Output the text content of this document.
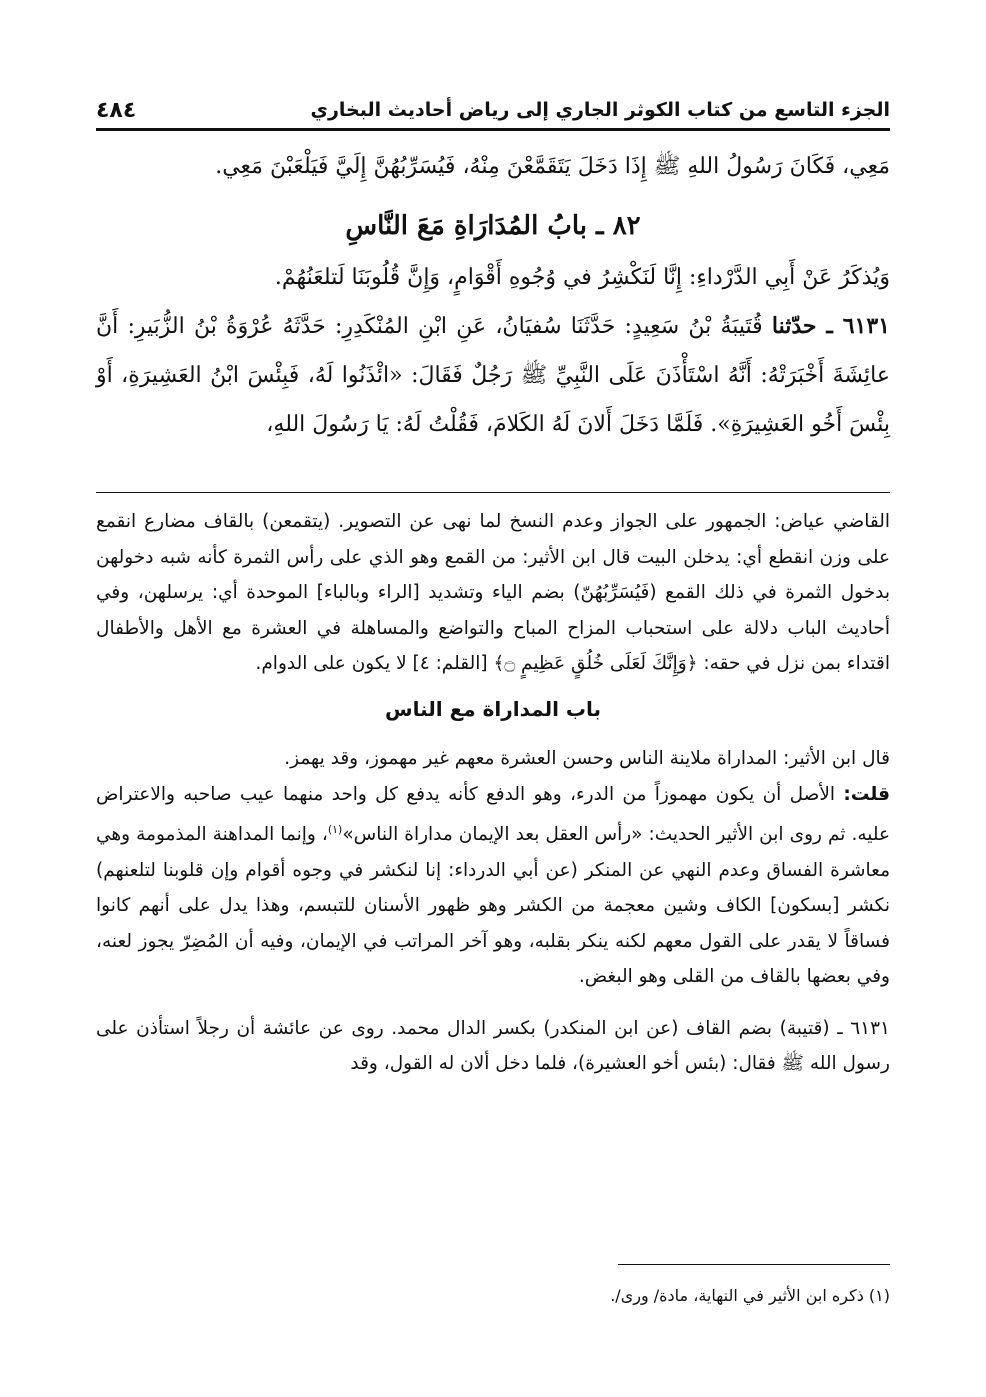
الجزء التاسع من كتاب الكوثر الجاري إلى رياض أحاديث البخاري
٤٨٤

مَعِي، فَكَانَ رَسُولُ اللهِ ﷺ إِذَا دَخَلَ يَتَقَمَّعْنَ مِنْهُ، فَيُسَرِّبُهُنَّ إِلَيَّ فَيَلْعَبْنَ مَعِي.

٨٢ ـ بابُ المُدَارَاةِ مَعَ النَّاسِ

وَيُذكَرُ عَنْ أَبِي الدَّرْداءِ: إِنَّا لَنَكْشِرُ في وُجُوهِ أَقْوَامٍ، وَإِنَّ قُلُوبَنَا لَتلعَنُهُمْ.

٦١٣١ ـ حدّثنا قُتَيبَةُ بْنُ سَعِيدٍ: حَدَّثَنَا سُفيَانُ، عَنِ ابْنِ المُنْكَدِرِ: حَدَّثَهُ عُرْوَةُ بْنُ الزُّبَيرِ: أَنَّ عائِشَةَ أَخْبَرَتْهُ: أَنَّهُ اسْتَأْذَنَ عَلَى النَّبِيِّ ﷺ رَجُلٌ فَقَالَ: «ائْذَنُوا لَهُ، فَبِئْسَ ابْنُ العَشِيرَةِ، أَوْ بِئْسَ أَخُو العَشِيرَةِ». فَلَمَّا دَخَلَ أَلانَ لَهُ الكَلامَ، فَقُلْتُ لَهُ: يَا رَسُولَ اللهِ،

القاضي عياض: الجمهور على الجواز وعدم النسخ لما نهى عن التصوير. (يتقمعن) بالقاف مضارع انقمع على وزن انقطع أي: يدخلن البيت قال ابن الأثير: من القمع وهو الذي على رأس الثمرة كأنه شبه دخولهن بدخول الثمرة في ذلك القمع (فَيُسَرِّبُهُنّ) بضم الياء وتشديد [الراء وبالباء] الموحدة أي: يرسلهن، وفي أحاديث الباب دلالة على استحباب المزاح المباح والتواضع والمساهلة في العشرة مع الأهل والأطفال اقتداء بمن نزل في حقه: ﴿وَإِنَّكَ لَعَلَى خُلُقٍ عَظِيمٍ ۝﴾ [القلم: ٤] لا يكون على الدوام.

باب المداراة مع الناس

قال ابن الأثير: المداراة ملاينة الناس وحسن العشرة معهم غير مهموز، وقد يهمز.

قلت: الأصل أن يكون مهموزاً من الدرء، وهو الدفع كأنه يدفع كل واحد منهما عيب صاحبه والاعتراض عليه. ثم روى ابن الأثير الحديث: «رأس العقل بعد الإيمان مداراة الناس»$^{(١)}$، وإنما المداهنة المذمومة وهي معاشرة الفساق وعدم النهي عن المنكر (عن أبي الدرداء: إنا لنكشر في وجوه أقوام وإن قلوبنا لتلعنهم) نكشر [بسكون] الكاف وشين معجمة من الكشر وهو ظهور الأسنان للتبسم، وهذا يدل على أنهم كانوا فساقاً لا يقدر على القول معهم لكنه ينكر بقلبه، وهو آخر المراتب في الإيمان، وفيه أن المُضِرّ يجوز لعنه، وفي بعضها بالقاف من القلى وهو البغض.

٦١٣١ ـ (قتيبة) بضم القاف (عن ابن المنكدر) بكسر الدال محمد. روى عن عائشة أن رجلاً استأذن على رسول الله ﷺ فقال: (بئس أخو العشيرة)، فلما دخل ألان له القول، وقد

(١) ذكره ابن الأثير في النهاية، مادة/ ورى/.
